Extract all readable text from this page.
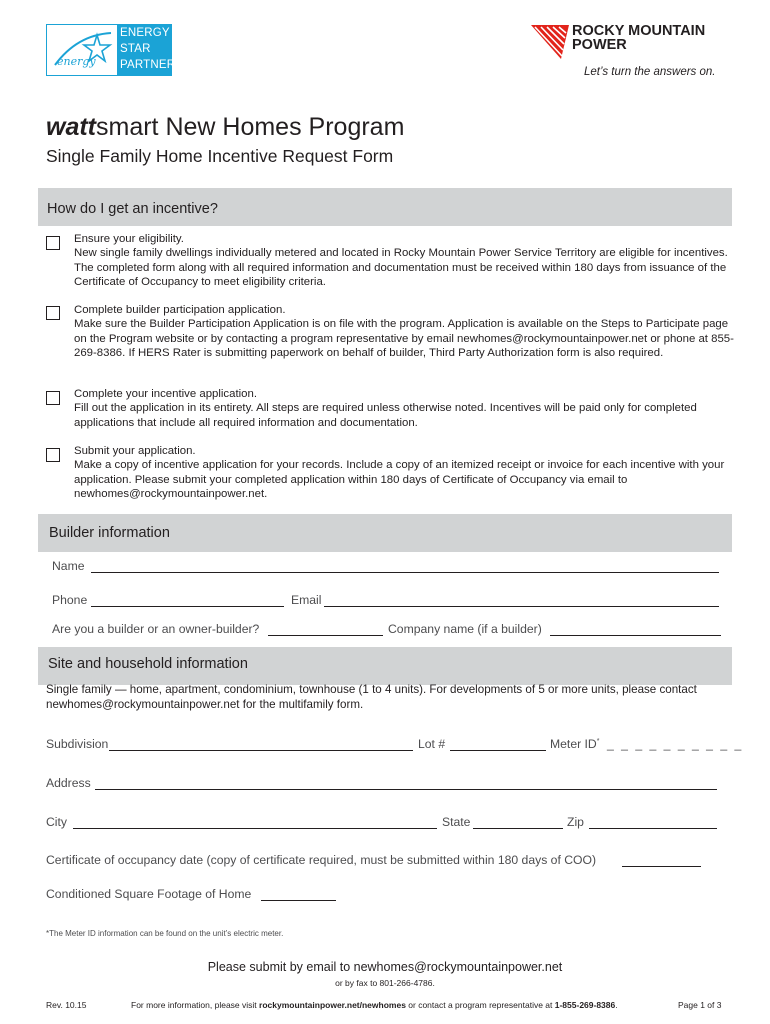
energy
ENERGY
STAR
PARTNER
ROCKY MOUNTAIN
POWER
Let’s turn the answers on.
wattsmart New Homes Program
Single Family Home Incentive Request Form
How do I get an incentive?
Ensure your eligibility.
New single family dwellings individually metered and located in Rocky Mountain Power Service Territory are eligible for incentives. The completed form along with all required information and documentation must be received within 180 days from issuance of the Certificate of Occupancy to meet eligibility criteria.
Complete builder participation application.
Make sure the Builder Participation Application is on file with the program. Application is available on the Steps to Participate page on the Program website or by contacting a program representative by email newhomes@rockymountainpower.net or phone at 855-269-8386. If HERS Rater is submitting paperwork on behalf of builder, Third Party Authorization form is also required.
Complete your incentive application.
Fill out the application in its entirety. All steps are required unless otherwise noted. Incentives will be paid only for completed applications that include all required information and documentation.
Submit your application.
Make a copy of incentive application for your records. Include a copy of an itemized receipt or invoice for each incentive with your application. Please submit your completed application within 180 days of Certificate of Occupancy via email to newhomes@rockymountainpower.net.
Builder information
Name
Phone	Email
Are you a builder or an owner-builder?	Company name (if a builder)
Site and household information
Single family — home, apartment, condominium, townhouse (1 to 4 units). For developments of 5 or more units, please contact newhomes@rockymountainpower.net for the multifamily form.
Subdivision	Lot #	Meter ID* _ _ _ _ _ _ _ _ _ _
Address
City	State	Zip
Certificate of occupancy date (copy of certificate required, must be submitted within 180 days of COO)
Conditioned Square Footage of Home
*The Meter ID information can be found on the unit’s electric meter.
Please submit by email to newhomes@rockymountainpower.net
or by fax to 801-266-4786.
Rev. 10.15	For more information, please visit rockymountainpower.net/newhomes or contact a program representative at 1-855-269-8386.	Page 1 of 3
